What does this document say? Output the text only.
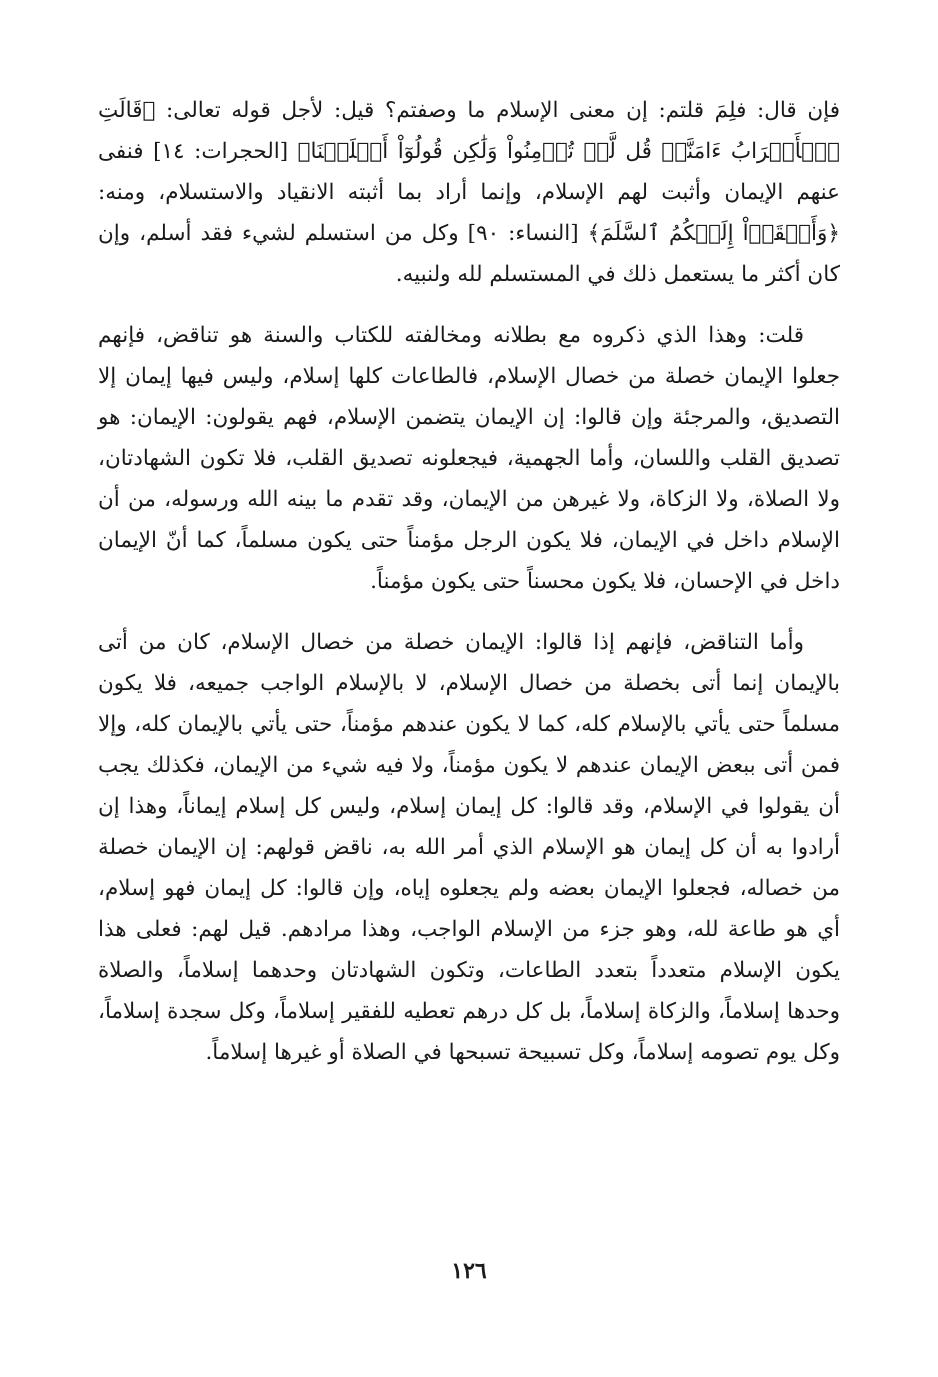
فإن قال: فلِمَ قلتم: إن معنى الإسلام ما وصفتم؟ قيل: لأجل قوله تعالى: ﴿قَالَتِ ٱلۡأَعۡرَابُ ءَامَنَّاۖ قُل لَّمۡ تُؤۡمِنُواْ وَلَٰكِن قُولُوٓاْ أَسۡلَمۡنَا﴾ [الحجرات: ١٤] فنفى عنهم الإيمان وأثبت لهم الإسلام، وإنما أراد بما أثبته الانقياد والاستسلام، ومنه: ﴿وَأَلۡقَوۡاْ إِلَيۡكُمُ ٱلسَّلَمَ﴾ [النساء: ٩٠] وكل من استسلم لشيء فقد أسلم، وإن كان أكثر ما يستعمل ذلك في المستسلم لله ولنبيه.

قلت: وهذا الذي ذكروه مع بطلانه ومخالفته للكتاب والسنة هو تناقض، فإنهم جعلوا الإيمان خصلة من خصال الإسلام، فالطاعات كلها إسلام، وليس فيها إيمان إلا التصديق، والمرجئة وإن قالوا: إن الإيمان يتضمن الإسلام، فهم يقولون: الإيمان: هو تصديق القلب واللسان، وأما الجهمية، فيجعلونه تصديق القلب، فلا تكون الشهادتان، ولا الصلاة، ولا الزكاة، ولا غيرهن من الإيمان، وقد تقدم ما بينه الله ورسوله، من أن الإسلام داخل في الإيمان، فلا يكون الرجل مؤمناً حتى يكون مسلماً، كما أنّ الإيمان داخل في الإحسان، فلا يكون محسناً حتى يكون مؤمناً.

وأما التناقض، فإنهم إذا قالوا: الإيمان خصلة من خصال الإسلام، كان من أتى بالإيمان إنما أتى بخصلة من خصال الإسلام، لا بالإسلام الواجب جميعه، فلا يكون مسلماً حتى يأتي بالإسلام كله، كما لا يكون عندهم مؤمناً، حتى يأتي بالإيمان كله، وإلا فمن أتى ببعض الإيمان عندهم لا يكون مؤمناً، ولا فيه شيء من الإيمان، فكذلك يجب أن يقولوا في الإسلام، وقد قالوا: كل إيمان إسلام، وليس كل إسلام إيماناً، وهذا إن أرادوا به أن كل إيمان هو الإسلام الذي أمر الله به، ناقض قولهم: إن الإيمان خصلة من خصاله، فجعلوا الإيمان بعضه ولم يجعلوه إياه، وإن قالوا: كل إيمان فهو إسلام، أي هو طاعة لله، وهو جزء من الإسلام الواجب، وهذا مرادهم. قيل لهم: فعلى هذا يكون الإسلام متعدداً بتعدد الطاعات، وتكون الشهادتان وحدهما إسلاماً، والصلاة وحدها إسلاماً، والزكاة إسلاماً، بل كل درهم تعطيه للفقير إسلاماً، وكل سجدة إسلاماً، وكل يوم تصومه إسلاماً، وكل تسبيحة تسبحها في الصلاة أو غيرها إسلاماً.

١٢٦
